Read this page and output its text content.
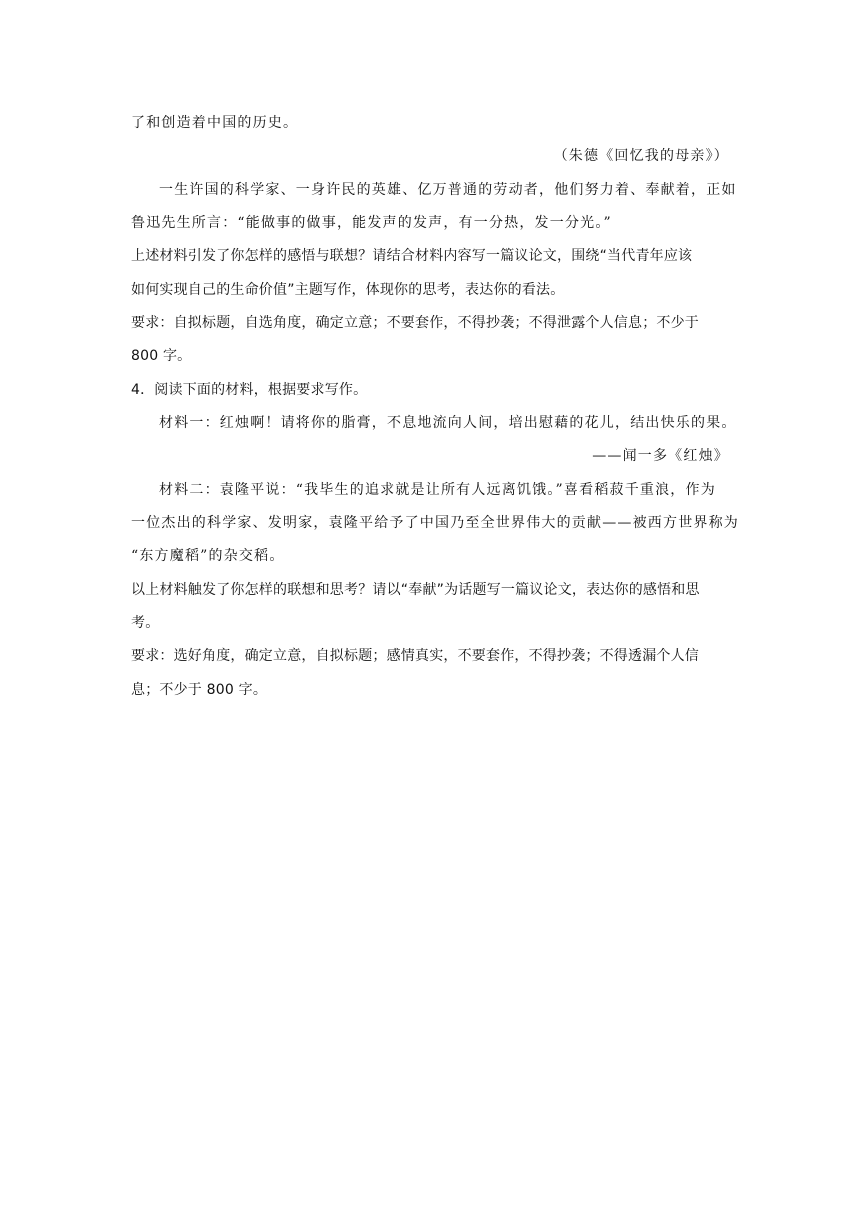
了和创造着中国的历史。
（朱德《回忆我的母亲》）
一生许国的科学家、一身许民的英雄、亿万普通的劳动者，他们努力着、奉献着，正如
鲁迅先生所言：“能做事的做事，能发声的发声，有一分热，发一分光。”
上述材料引发了你怎样的感悟与联想？请结合材料内容写一篇议论文，围绕“当代青年应该
如何实现自己的生命价值”主题写作，体现你的思考，表达你的看法。
要求：自拟标题，自选角度，确定立意；不要套作，不得抄袭；不得泄露个人信息；不少于
800 字。
4．阅读下面的材料，根据要求写作。
材料一：红烛啊！请将你的脂膏，不息地流向人间，培出慰藉的花儿，结出快乐的果。
——闻一多《红烛》
材料二：袁隆平说：“我毕生的追求就是让所有人远离饥饿。”喜看稻菽千重浪，作为
一位杰出的科学家、发明家，袁隆平给予了中国乃至全世界伟大的贡献——被西方世界称为
“东方魔稻”的杂交稻。
以上材料触发了你怎样的联想和思考？请以“奉献”为话题写一篇议论文，表达你的感悟和思
考。
要求：选好角度，确定立意，自拟标题；感情真实，不要套作，不得抄袭；不得透漏个人信
息；不少于 800 字。
